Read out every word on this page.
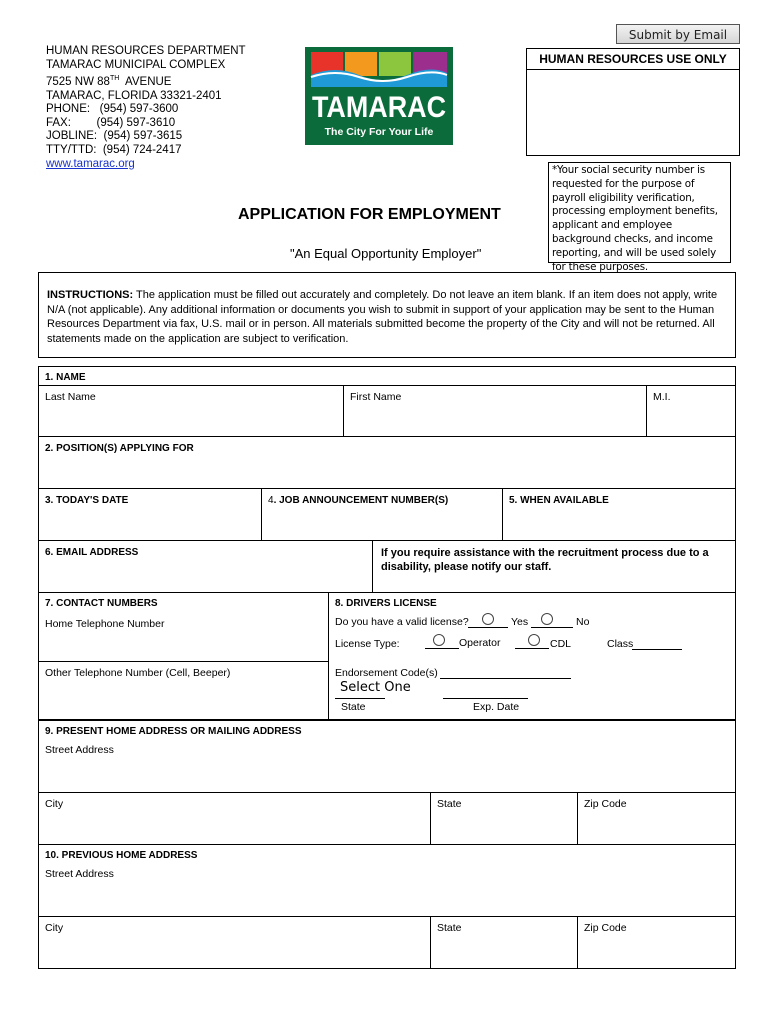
Submit by Email
HUMAN RESOURCES DEPARTMENT
TAMARAC MUNICIPAL COMPLEX
7525 NW 88TH  AVENUE
TAMARAC, FLORIDA 33321-2401
PHONE:   (954) 597-3600
FAX:        (954) 597-3610
JOBLINE:  (954) 597-3615
TTY/TTD:  (954) 724-2417
www.tamarac.org
TAMARAC
The City For Your Life
HUMAN RESOURCES USE ONLY
*Your social security number is requested for the purpose of payroll eligibility verification, processing employment benefits, applicant and employee background checks, and income reporting, and will be used solely for these purposes.
APPLICATION FOR EMPLOYMENT
"An Equal Opportunity Employer"
INSTRUCTIONS: The application must be filled out accurately and completely. Do not leave an item blank. If an item does not apply, write N/A (not applicable). Any additional information or documents you wish to submit in support of your application may be sent to the Human Resources Department via fax, U.S. mail or in person. All materials submitted become the property of the City and will not be returned. All statements made on the application are subject to verification.
1. NAME
Last Name	First Name	M.I.
2. POSITION(S) APPLYING FOR
3. TODAY'S DATE	4. JOB ANNOUNCEMENT NUMBER(S)	5. WHEN AVAILABLE
6. EMAIL ADDRESS	If you require assistance with the recruitment process due to a disability, please notify our staff.
7. CONTACT NUMBERS
Home Telephone Number
Other Telephone Number (Cell, Beeper)
8. DRIVERS LICENSE
Do you have a valid license?	Yes	No
License Type:	Operator	CDL	Class
Endorsement Code(s)
Select One
State	Exp. Date
9. PRESENT HOME ADDRESS OR MAILING ADDRESS
Street Address
City	State	Zip Code
10. PREVIOUS HOME ADDRESS
Street Address
City	State	Zip Code
